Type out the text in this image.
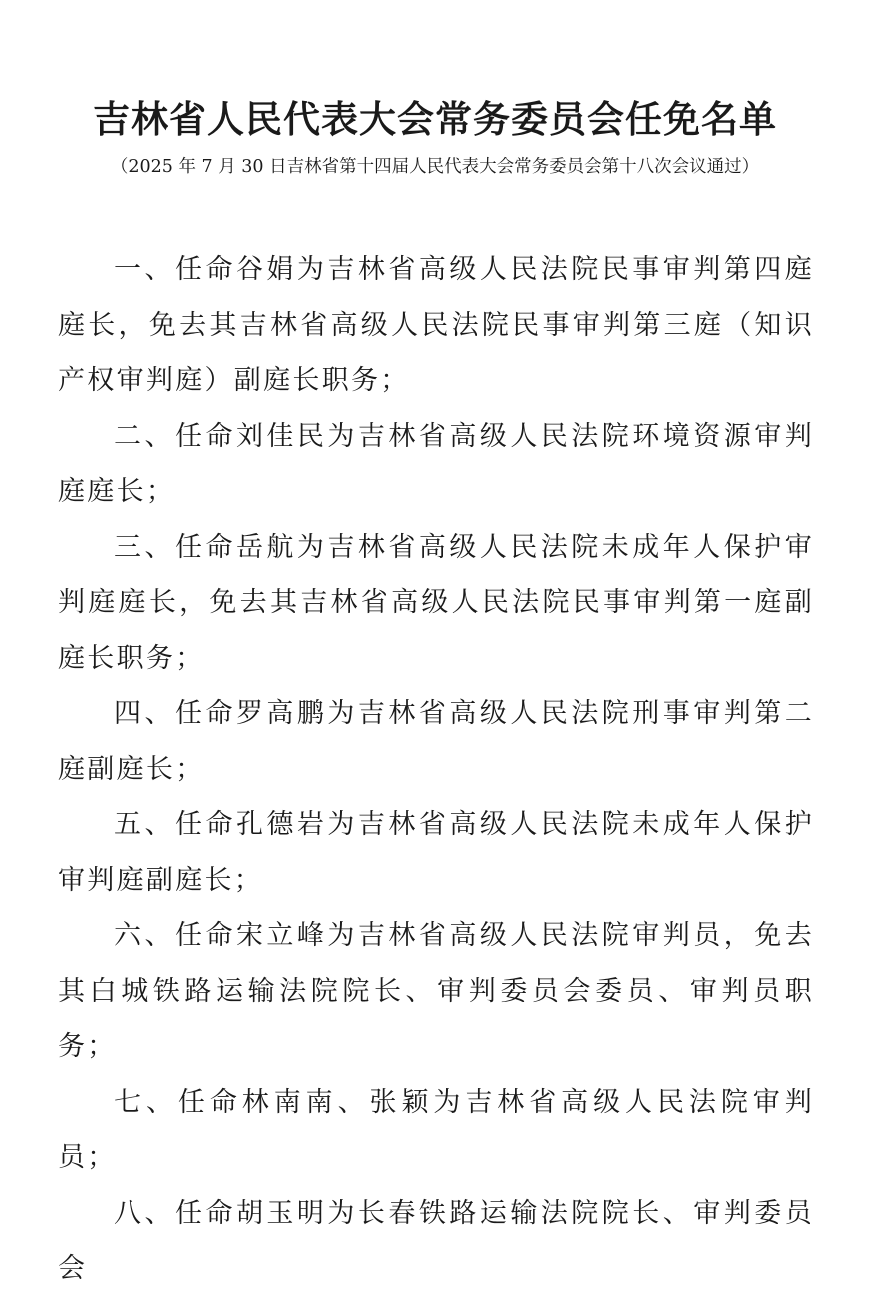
吉林省人民代表大会常务委员会任免名单
（2025 年 7 月 30 日吉林省第十四届人民代表大会常务委员会第十八次会议通过）

一、任命谷娟为吉林省高级人民法院民事审判第四庭庭长，免去其吉林省高级人民法院民事审判第三庭（知识产权审判庭）副庭长职务；

二、任命刘佳民为吉林省高级人民法院环境资源审判庭庭长；

三、任命岳航为吉林省高级人民法院未成年人保护审判庭庭长，免去其吉林省高级人民法院民事审判第一庭副庭长职务；

四、任命罗高鹏为吉林省高级人民法院刑事审判第二庭副庭长；

五、任命孔德岩为吉林省高级人民法院未成年人保护审判庭副庭长；

六、任命宋立峰为吉林省高级人民法院审判员，免去其白城铁路运输法院院长、审判委员会委员、审判员职务；

七、任命林南南、张颖为吉林省高级人民法院审判员；

八、任命胡玉明为长春铁路运输法院院长、审判委员会
